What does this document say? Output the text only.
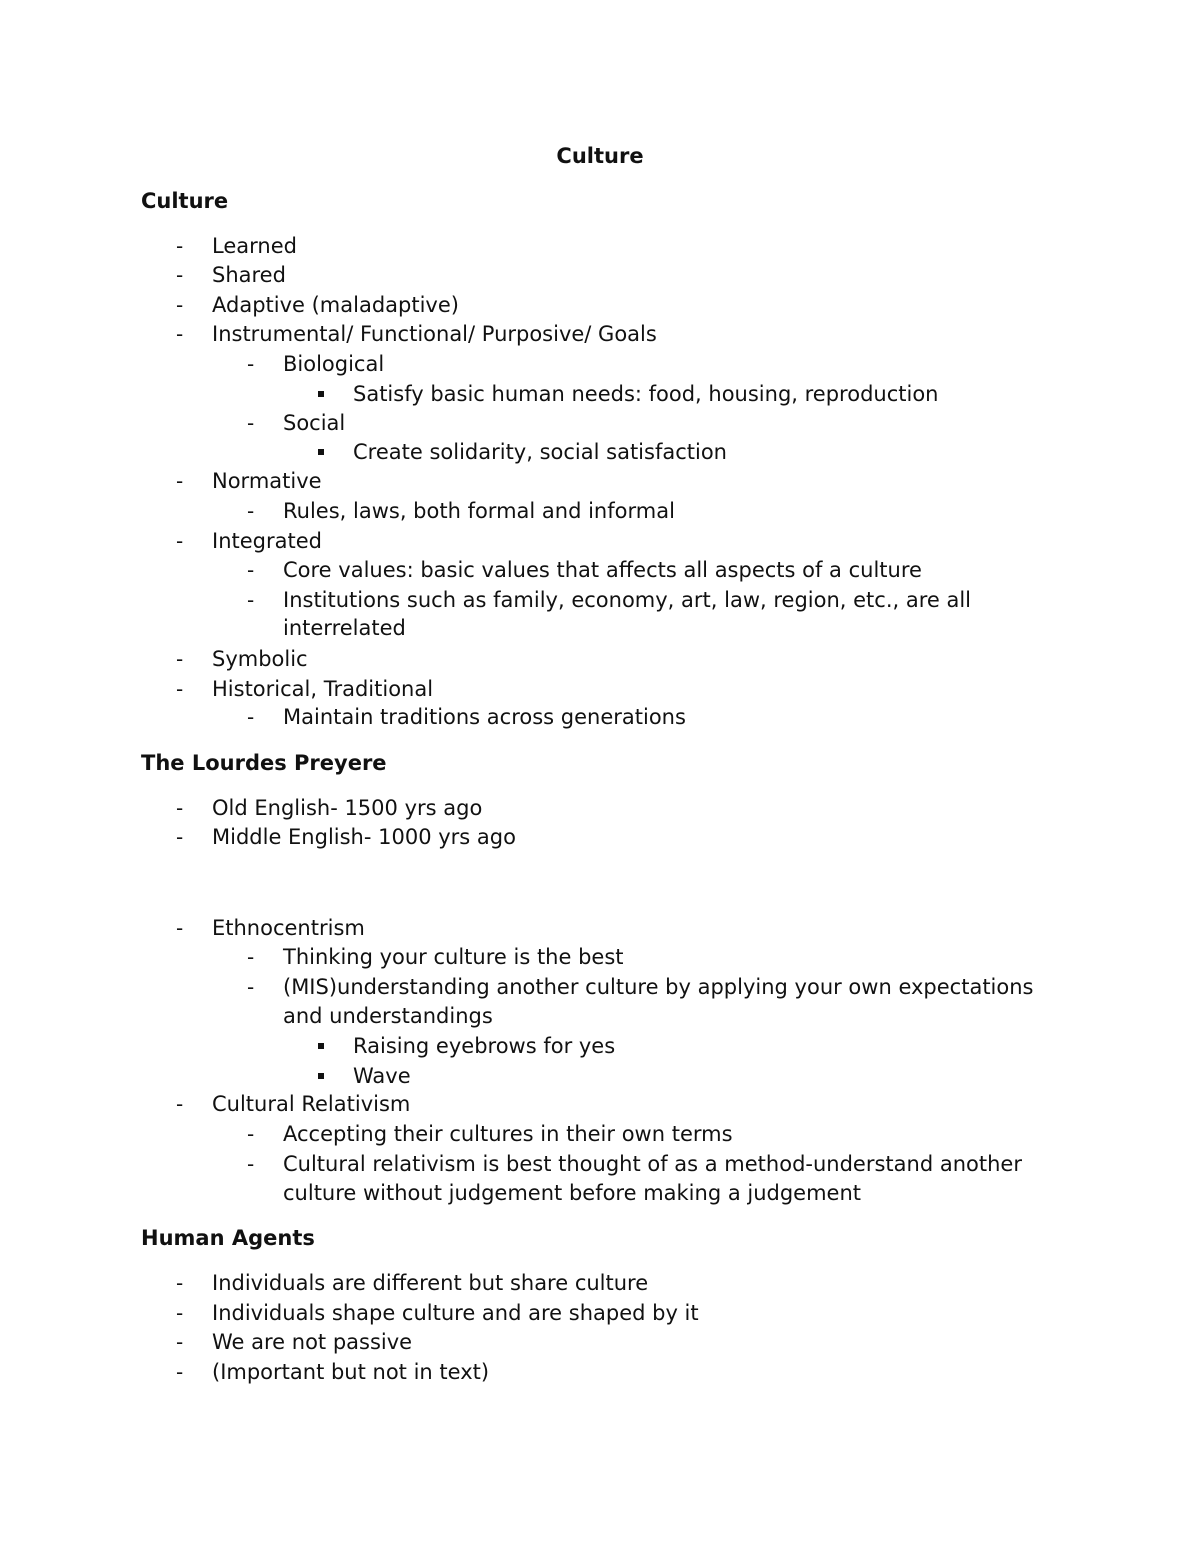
Culture
Culture
- Learned
- Shared
- Adaptive (maladaptive)
- Instrumental/ Functional/ Purposive/ Goals
- Biological
Satisfy basic human needs: food, housing, reproduction
- Social
Create solidarity, social satisfaction
- Normative
- Rules, laws, both formal and informal
- Integrated
- Core values: basic values that affects all aspects of a culture
- Institutions such as family, economy, art, law, region, etc., are all
interrelated
- Symbolic
- Historical, Traditional
- Maintain traditions across generations
The Lourdes Preyere
- Old English- 1500 yrs ago
- Middle English- 1000 yrs ago
- Ethnocentrism
- Thinking your culture is the best
- (MIS)understanding another culture by applying your own expectations
and understandings
Raising eyebrows for yes
Wave
- Cultural Relativism
- Accepting their cultures in their own terms
- Cultural relativism is best thought of as a method-understand another
culture without judgement before making a judgement
Human Agents
- Individuals are different but share culture
- Individuals shape culture and are shaped by it
- We are not passive
- (Important but not in text)
